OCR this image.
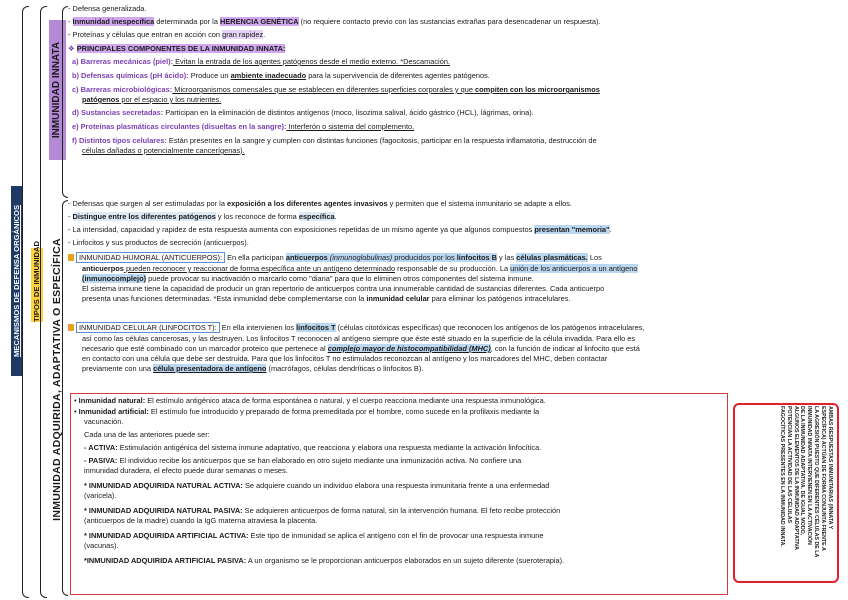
MECANISMOS DE DEFENSA ORGÁNICOS TIPOS DE INMUNIDAD
INMUNIDAD INNATA
INMUNIDAD ADQUIRIDA, ADAPTATIVA O ESPECÍFICA
- Defensa generalizada.
- Inmunidad inespecífica determinada por la HERENCIA GENÉTICA (no requiere contacto previo con las sustancias extrañas para desencadenar un respuesta).
- Proteínas y células que entran en acción con gran rapidez.
❖ PRINCIPALES COMPONENTES DE LA INMUNIDAD INNATA:
a) Barreras mecánicas (piel): Evitan la entrada de los agentes patógenos desde el medio externo. *Descamación.
b) Defensas químicas (pH ácido): Produce un ambiente inadecuado para la supervivencia de diferentes agentes patógenos.
c) Barreras microbiológicas: Microorganismos comensales que se establecen en diferentes superficies corporales y que compiten con los microorganismos
patógenos por el espacio y los nutrientes.
d) Sustancias secretadas: Participan en la eliminación de distintos antígenos (moco, lisozima salival, ácido gástrico (HCL), lágrimas, orina).
e) Proteínas plasmáticas circulantes (disueltas en la sangre): Interferón o sistema del complemento.
f) Distintos tipos celulares: Están presentes en la sangre y cumplen con distintas funciones (fagocitosis, participar en la respuesta inflamatoria, destrucción de
células dañadas o potencialmente cancerígenas).
- Defensas que surgen al ser estimuladas por la exposición a los diferentes agentes invasivos y permiten que el sistema inmunitario se adapte a ellos.
- Distingue entre los diferentes patógenos y los reconoce de forma específica.
- La intensidad, capacidad y rapidez de esta respuesta aumenta con exposiciones repetidas de un mismo agente ya que algunos compuestos presentan "memoria".
- Linfocitos y sus productos de secreción (anticuerpos).
INMUNIDAD HUMORAL (ANTICUERPOS): En ella participan anticuerpos (inmunoglobulinas) producidos por los linfocitos B y las células plasmáticas. Los
anticuerpos pueden reconocer y reaccionar de forma específica ante un antígeno determinado responsable de su producción. La unión de los anticuerpos a un antígeno
(inmunocomplejo) puede provocar su inactivación o marcarlo como "diana" para que lo eliminen otros componentes del sistema inmune.
El sistema inmune tiene la capacidad de producir un gran repertorio de anticuerpos contra una innumerable cantidad de sustancias diferentes. Cada anticuerpo
presenta unas funciones determinadas. *Esta inmunidad debe complementarse con la inmunidad celular para eliminar los patógenos intracelulares.
INMUNIDAD CELULAR (LINFOCITOS T): En ella intervienen los linfocitos T (células citotóxicas específicas) que reconocen los antígenos de los patógenos intracelulares,
así como las células cancerosas, y las destruyen. Los linfocitos T reconocen al antígeno siempre que éste esté situado en la superficie de la célula invadida. Para ello es
necesario que esté combinado con un marcador proteico que pertenece al complejo mayor de histocompatibilidad (MHC), con la función de indicar al linfocito que está
en contacto con una célula que debe ser destruida. Para que los linfocitos T no estimulados reconozcan al antígeno y los marcadores del MHC, deben contactar
previamente con una célula presentadora de antígeno (macrófagos, células dendríticas o linfocitos B).
• Inmunidad natural: El estímulo antigénico ataca de forma espontánea o natural, y el cuerpo reacciona mediante una respuesta inmunológica.
• Inmunidad artificial: El estímulo fue introducido y preparado de forma premeditada por el hombre, como sucede en la profilaxis mediante la
vacunación.
Cada una de las anteriores puede ser:
- ACTIVA: Estimulación antigénica del sistema inmune adaptativo, que reacciona y elabora una respuesta mediante la activación linfocítica.
- PASIVA: El individuo recibe los anticuerpos que se han elaborado en otro sujeto mediante una inmunización activa. No confiere una
inmunidad duradera, el efecto puede durar semanas o meses.
* INMUNIDAD ADQUIRIDA NATURAL ACTIVA: Se adquiere cuando un individuo elabora una respuesta inmunitaria frente a una enfermedad
(varicela).
* INMUNIDAD ADQUIRIDA NATURAL PASIVA: Se adquieren anticuerpos de forma natural, sin la intervención humana. El feto recibe protección
(anticuerpos de la madre) cuando la IgG materna atraviesa la placenta.
* INMUNIDAD ADQUIRIDA ARTIFICIAL ACTIVA: Este tipo de inmunidad se aplica el antígeno con el fin de provocar una respuesta inmune
(vacunas).
*INMUNIDAD ADQUIRIDA ARTIFICIAL PASIVA: A un organismo se le proporcionan anticuerpos elaborados en un sujeto diferente (sueroterapia).
AMBAS RESPUESTAS INMUNITARIAS (INNATA Y
ESPECÍFICA) ACTÚAN DE FORMA CONJUNTA FRENTE A
LA AGRESIÓN PUESTO QUE DIFERENTES CÉLULAS DE LA
INMUNIDAD INNATA INTERVIENEN EN LA ACTIVACIÓN
DE LA INMUNIDAD ADAPTATIVA. DE IGUAL MODO,
ALGUNOS ELEMENTOS DE LA INMUNIDAD ADAPTATIVA
POTENCIAN LA ACTIVIDAD DE LAS CÉLULAS
FAGOCÍTICAS PRESENTES EN LA INMUNIDAD INNATA.
